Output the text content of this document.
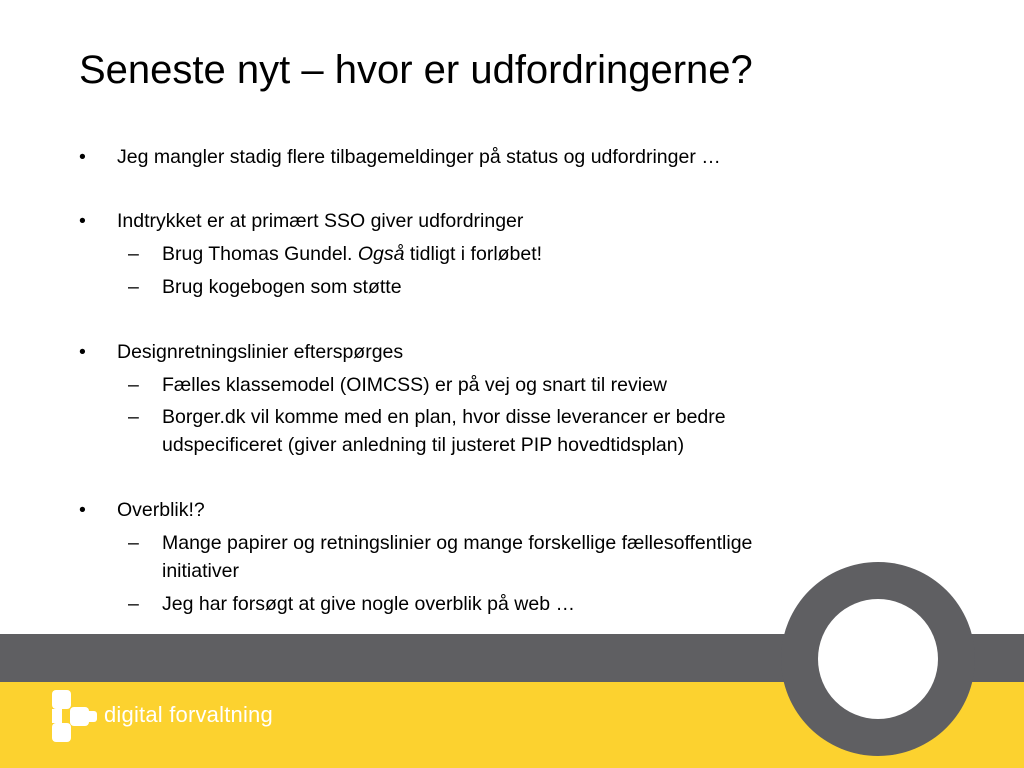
Seneste nyt – hvor er udfordringerne?
• Jeg mangler stadig flere tilbagemeldinger på status og udfordringer …
• Indtrykket er at primært SSO giver udfordringer
– Brug Thomas Gundel. Også tidligt i forløbet!
– Brug kogebogen som støtte
• Designretningslinier efterspørges
– Fælles klassemodel (OIMCSS) er på vej og snart til review
– Borger.dk vil komme med en plan, hvor disse leverancer er bedre
udspecificeret (giver anledning til justeret PIP hovedtidsplan)
• Overblik!?
– Mange papirer og retningslinier og mange forskellige fællesoffentlige
initiativer
– Jeg har forsøgt at give nogle overblik på web …
digital forvaltning
